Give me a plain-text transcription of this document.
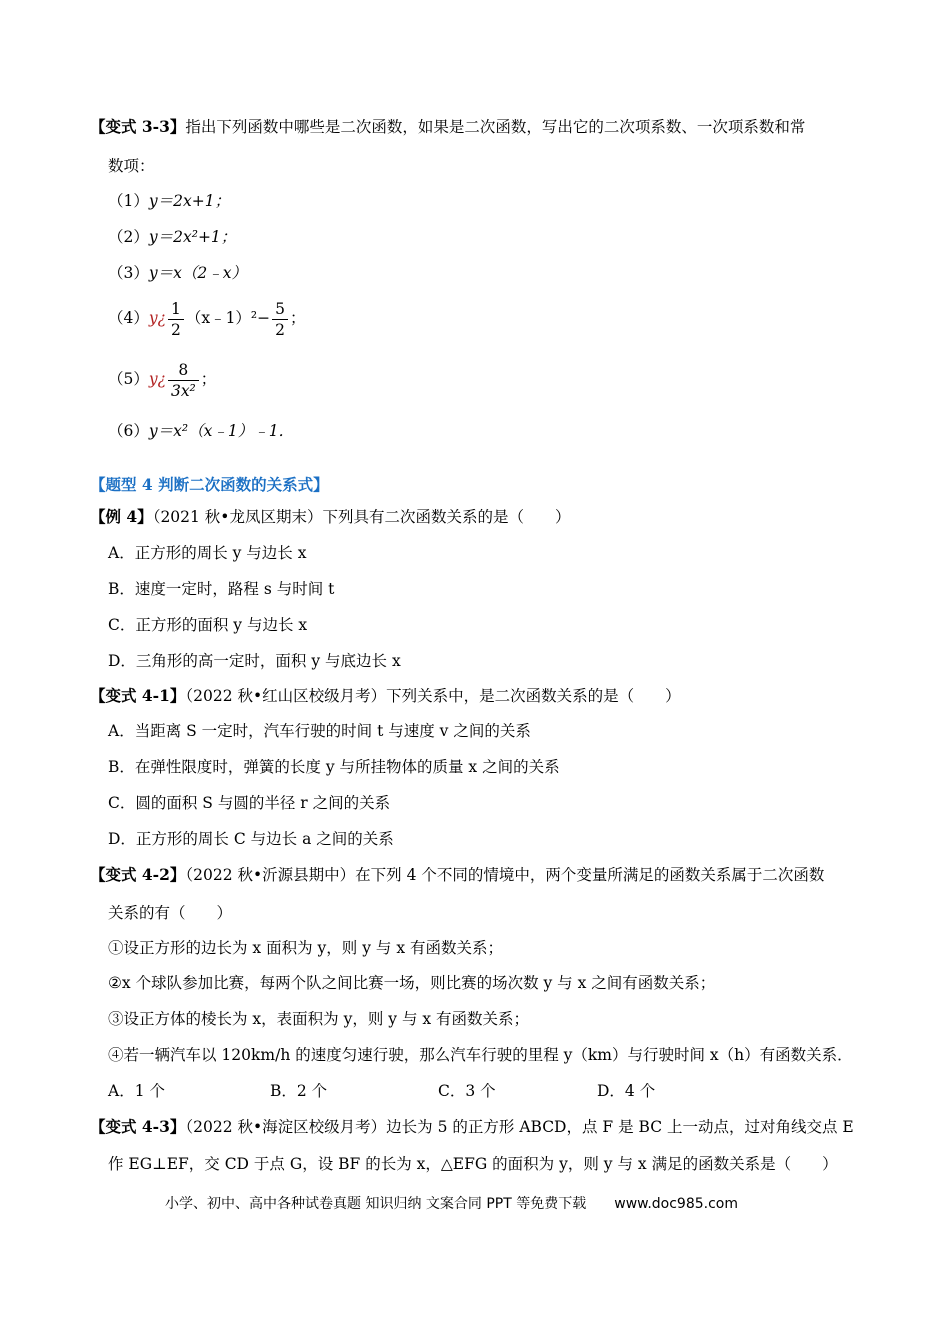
【变式 3-3】指出下列函数中哪些是二次函数，如果是二次函数，写出它的二次项系数、一次项系数和常
数项：
（1）y＝2x+1；
（2）y＝2x²+1；
（3）y＝x（2﹣x）
（4）y¿ $\frac{1}{2}$ （x﹣1）²− $\frac{5}{2}$ ；
（5）y¿ $\frac{8}{\text{3x²}}$ ；
（6）y＝x²（x﹣1）﹣1．
【题型 4 判断二次函数的关系式】
【例 4】（2021 秋•龙凤区期末）下列具有二次函数关系的是（　　）
A．正方形的周长 y 与边长 x
B．速度一定时，路程 s 与时间 t
C．正方形的面积 y 与边长 x
D．三角形的高一定时，面积 y 与底边长 x
【变式 4-1】（2022 秋•红山区校级月考）下列关系中，是二次函数关系的是（　　）
A．当距离 S 一定时，汽车行驶的时间 t 与速度 v 之间的关系
B．在弹性限度时，弹簧的长度 y 与所挂物体的质量 x 之间的关系
C．圆的面积 S 与圆的半径 r 之间的关系
D．正方形的周长 C 与边长 a 之间的关系
【变式 4-2】（2022 秋•沂源县期中）在下列 4 个不同的情境中，两个变量所满足的函数关系属于二次函数
关系的有（　　）
①设正方形的边长为 x 面积为 y，则 y 与 x 有函数关系；
②x 个球队参加比赛，每两个队之间比赛一场，则比赛的场次数 y 与 x 之间有函数关系；
③设正方体的棱长为 x，表面积为 y，则 y 与 x 有函数关系；
④若一辆汽车以 120km/h 的速度匀速行驶，那么汽车行驶的里程 y（km）与行驶时间 x（h）有函数关系．
A．1 个	B．2 个	C．3 个	D．4 个
【变式 4-3】（2022 秋•海淀区校级月考）边长为 5 的正方形 ABCD，点 F 是 BC 上一动点，过对角线交点 E
作 EG⊥EF，交 CD 于点 G，设 BF 的长为 x，△EFG 的面积为 y，则 y 与 x 满足的函数关系是（　　）
小学、初中、高中各种试卷真题 知识归纳 文案合同 PPT 等免费下载 www.doc985.com
